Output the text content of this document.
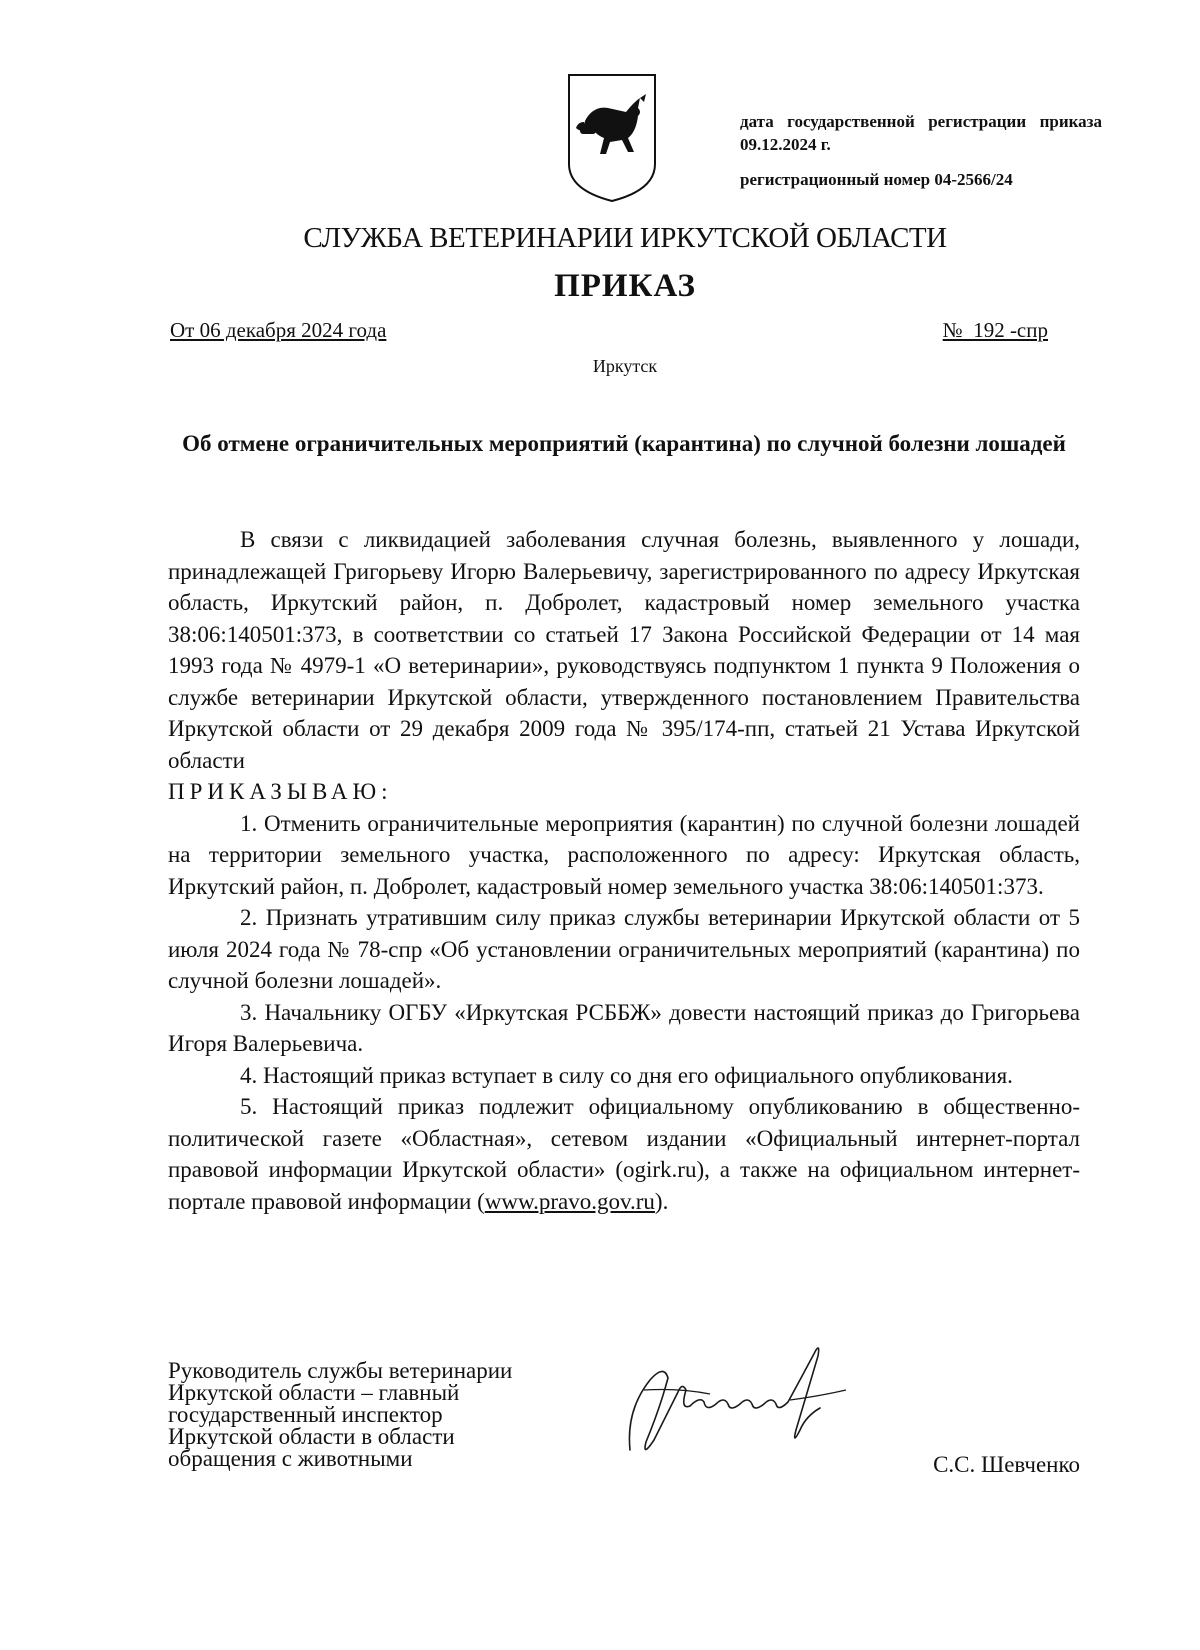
дата государственной регистрации приказа 09.12.2024 г.
регистрационный номер 04-2566/24
СЛУЖБА ВЕТЕРИНАРИИ ИРКУТСКОЙ ОБЛАСТИ
ПРИКАЗ
От 06 декабря 2024 года	№  192 -спр
Иркутск
Об отмене ограничительных мероприятий (карантина) по случной болезни лошадей

В связи с ликвидацией заболевания случная болезнь, выявленного у лошади, принадлежащей Григорьеву Игорю Валерьевичу, зарегистрированного по адресу Иркутская область, Иркутский район, п. Добролет, кадастровый номер земельного участка 38:06:140501:373, в соответствии со статьей 17 Закона Российской Федерации от 14 мая 1993 года № 4979-1 «О ветеринарии», руководствуясь подпунктом 1 пункта 9 Положения о службе ветеринарии Иркутской области, утвержденного постановлением Правительства Иркутской области от 29 декабря 2009 года № 395/174-пп, статьей 21 Устава Иркутской области

ПРИКАЗЫВАЮ:

1. Отменить ограничительные мероприятия (карантин) по случной болезни лошадей на территории земельного участка, расположенного по адресу: Иркутская область, Иркутский район, п. Добролет, кадастровый номер земельного участка 38:06:140501:373.

2. Признать утратившим силу приказ службы ветеринарии Иркутской области от 5 июля 2024 года № 78-спр «Об установлении ограничительных мероприятий (карантина) по случной болезни лошадей».

3. Начальнику ОГБУ «Иркутская РСББЖ» довести настоящий приказ до Григорьева Игоря Валерьевича.

4. Настоящий приказ вступает в силу со дня его официального опубликования.

5. Настоящий приказ подлежит официальному опубликованию в общественно-политической газете «Областная», сетевом издании «Официальный интернет-портал правовой информации Иркутской области» (ogirk.ru), а также на официальном интернет-портале правовой информации (www.pravo.gov.ru).

Руководитель службы ветеринарии
Иркутской области – главный
государственный инспектор
Иркутской области в области
обращения с животными	С.С. Шевченко
